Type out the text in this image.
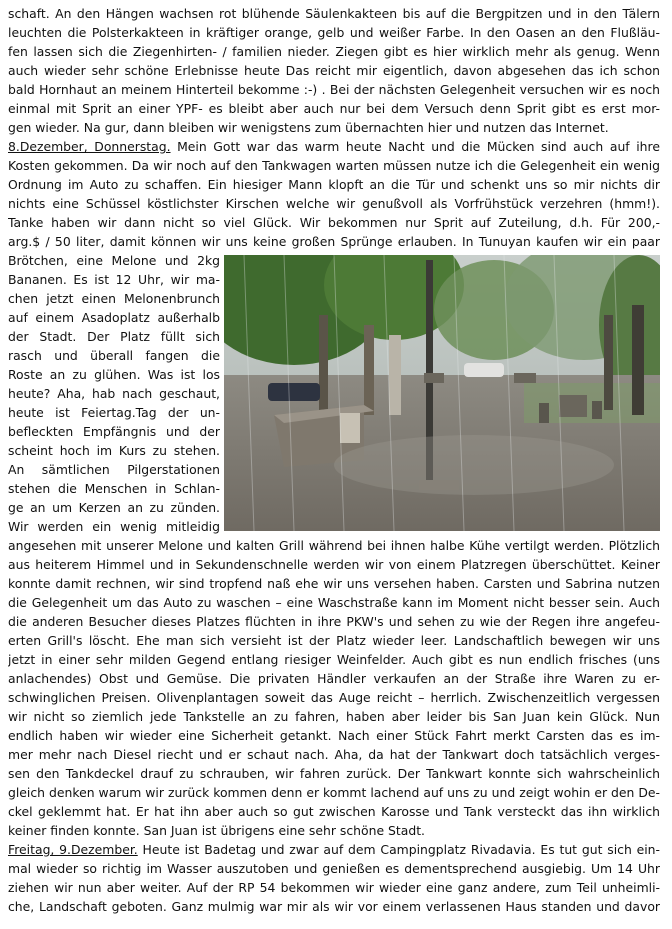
schaft. An den Hängen wachsen rot blühende Säulenkakteen bis auf die Bergpitzen und in den Tälern
leuchten die Polsterkakteen in kräftiger orange, gelb und weißer Farbe. In den Oasen an den Flußläu-
fen lassen sich die Ziegenhirten- / familien nieder. Ziegen gibt es hier wirklich mehr als genug. Wenn
auch wieder sehr schöne Erlebnisse heute Das reicht mir eigentlich, davon abgesehen das ich schon
bald Hornhaut an meinem Hinterteil bekomme :-) . Bei der nächsten Gelegenheit versuchen wir es noch
einmal mit Sprit an einer YPF- es bleibt aber auch nur bei dem Versuch denn Sprit gibt es erst mor-
gen wieder. Na gur, dann bleiben wir wenigstens zum übernachten hier und nutzen das Internet.
8.Dezember, Donnerstag. Mein Gott war das warm heute Nacht und die Mücken sind auch auf ihre
Kosten gekommen. Da wir noch auf den Tankwagen warten müssen nutze ich die Gelegenheit ein wenig
Ordnung im Auto zu schaffen. Ein hiesiger Mann klopft an die Tür und schenkt uns so mir nichts dir
nichts eine Schüssel köstlichster Kirschen welche wir genußvoll als Vorfrühstück verzehren (hmm!).
Tanke haben wir dann nicht so viel Glück. Wir bekommen nur Sprit auf Zuteilung, d.h. Für 200,-
arg.$ / 50 liter, damit können wir uns keine großen Sprünge erlauben. In Tunuyan kaufen wir ein paar
Brötchen, eine Melone und 2kg
Bananen. Es ist 12 Uhr, wir ma-
chen jetzt einen Melonenbrunch
auf einem Asadoplatz außerhalb
der Stadt. Der Platz füllt sich
rasch und überall fangen die
Roste an zu glühen. Was ist los
heute? Aha, hab nach geschaut,
heute ist Feiertag.Tag der un-
befleckten Empfängnis und der
scheint hoch im Kurs zu stehen.
An sämtlichen Pilgerstationen
stehen die Menschen in Schlan-
ge an um Kerzen an zu zünden.
Wir werden ein wenig mitleidig
angesehen mit unserer Melone und kalten Grill während bei ihnen halbe Kühe vertilgt werden. Plötzlich
aus heiterem Himmel und in Sekundenschnelle werden wir von einem Platzregen überschüttet. Keiner
konnte damit rechnen, wir sind tropfend naß ehe wir uns versehen haben. Carsten und Sabrina nutzen
die Gelegenheit um das Auto zu waschen – eine Waschstraße kann im Moment nicht besser sein. Auch
die anderen Besucher dieses Platzes flüchten in ihre PKW's und sehen zu wie der Regen ihre angefeu-
erten Grill's löscht. Ehe man sich versieht ist der Platz wieder leer. Landschaftlich bewegen wir uns
jetzt in einer sehr milden Gegend entlang riesiger Weinfelder. Auch gibt es nun endlich frisches (uns
anlachendes) Obst und Gemüse. Die privaten Händler verkaufen an der Straße ihre Waren zu er-
schwinglichen Preisen. Olivenplantagen soweit das Auge reicht – herrlich. Zwischenzeitlich vergessen
wir nicht so ziemlich jede Tankstelle an zu fahren, haben aber leider bis San Juan kein Glück. Nun
endlich haben wir wieder eine Sicherheit getankt. Nach einer Stück Fahrt merkt Carsten das es im-
mer mehr nach Diesel riecht und er schaut nach. Aha, da hat der Tankwart doch tatsächlich verges-
sen den Tankdeckel drauf zu schrauben, wir fahren zurück. Der Tankwart konnte sich wahrscheinlich
gleich denken warum wir zurück kommen denn er kommt lachend auf uns zu und zeigt wohin er den De-
ckel geklemmt hat. Er hat ihn aber auch so gut zwischen Karosse und Tank versteckt das ihn wirklich
keiner finden konnte. San Juan ist übrigens eine sehr schöne Stadt.
Freitag, 9.Dezember. Heute ist Badetag und zwar auf dem Campingplatz Rivadavia. Es tut gut sich ein-
mal wieder so richtig im Wasser auszutoben und genießen es dementsprechend ausgiebig. Um 14 Uhr
ziehen wir nun aber weiter. Auf der RP 54 bekommen wir wieder eine ganz andere, zum Teil unheimli-
che, Landschaft geboten. Ganz mulmig war mir als wir vor einem verlassenen Haus standen und davor
